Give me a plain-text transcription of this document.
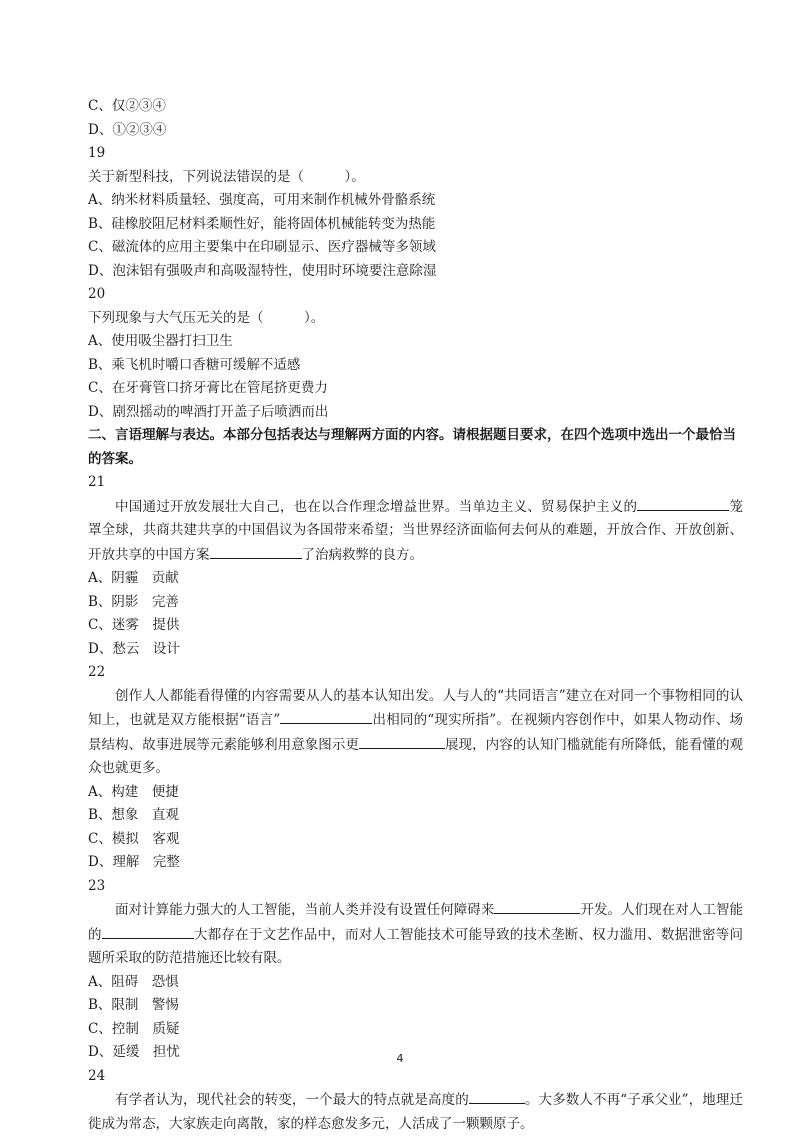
C、仅②③④
D、①②③④
19
关于新型科技，下列说法错误的是（　　　）。
A、纳米材料质量轻、强度高，可用来制作机械外骨骼系统
B、硅橡胶阻尼材料柔顺性好，能将固体机械能转变为热能
C、磁流体的应用主要集中在印刷显示、医疗器械等多领域
D、泡沫铝有强吸声和高吸湿特性，使用时环境要注意除湿
20
下列现象与大气压无关的是（　　　）。
A、使用吸尘器打扫卫生
B、乘飞机时嚼口香糖可缓解不适感
C、在牙膏管口挤牙膏比在管尾挤更费力
D、剧烈摇动的啤酒打开盖子后喷洒而出

二、言语理解与表达。本部分包括表达与理解两方面的内容。请根据题目要求，在四个选项中选出一个最恰当的答案。

21

中国通过开放发展壮大自己，也在以合作理念增益世界。当单边主义、贸易保护主义的	笼罩全球，共商共建共享的中国倡议为各国带来希望；当世界经济面临何去何从的难题，开放合作、开放创新、开放共享的中国方案	了治病救弊的良方。

A、阴霾　贡献
B、阴影　完善
C、迷雾　提供
D、愁云　设计
22

创作人人都能看得懂的内容需要从人的基本认知出发。人与人的“共同语言”建立在对同一个事物相同的认知上，也就是双方能根据“语言”	出相同的“现实所指”。在视频内容创作中，如果人物动作、场景结构、故事进展等元素能够利用意象图示更	展现，内容的认知门槛就能有所降低，能看懂的观众也就更多。

A、构建　便捷
B、想象　直观
C、模拟　客观
D、理解　完整
23

面对计算能力强大的人工智能，当前人类并没有设置任何障碍来	开发。人们现在对人工智能的	大都存在于文艺作品中，而对人工智能技术可能导致的技术垄断、权力滥用、数据泄密等问题所采取的防范措施还比较有限。

A、阻碍　恐惧
B、限制　警惕
C、控制　质疑
D、延缓　担忧
24

有学者认为，现代社会的转变，一个最大的特点就是高度的	。大多数人不再“子承父业”，地理迁徙成为常态，大家族走向离散，家的样态愈发多元，人活成了一颗颗原子。

4
